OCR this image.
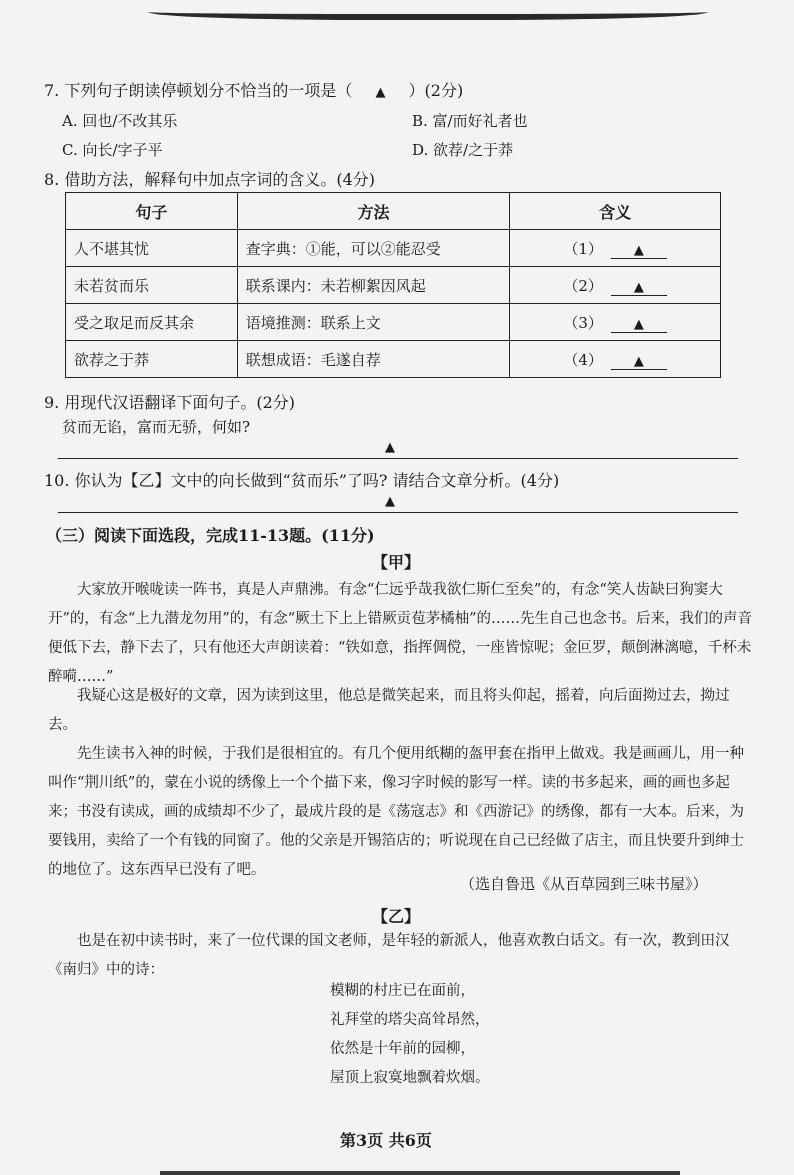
7. 下列句子朗读停顿划分不恰当的一项是（ ▲ ）(2分)
A. 回也/不改其乐	B. 富/而好礼者也
C. 向长/字子平	D. 欲荐/之于莽
8. 借助方法，解释句中加点字词的含义。(4分)
句子	方法	含义
人不堪其忧	查字典：①能，可以②能忍受	（1） ▲
未若贫而乐	联系课内：未若柳絮因风起	（2） ▲
受之取足而反其余	语境推测：联系上文	（3） ▲
欲荐之于莽	联想成语：毛遂自荐	（4） ▲
9. 用现代汉语翻译下面句子。(2分)
贫而无谄，富而无骄，何如?
▲
10. 你认为【乙】文中的向长做到“贫而乐”了吗? 请结合文章分析。(4分)
▲
（三）阅读下面选段，完成11-13题。(11分)
【甲】
大家放开喉咙读一阵书，真是人声鼎沸。有念“仁远乎哉我欲仁斯仁至矣”的，有念“笑人齿缺曰狗窦大开”的，有念“上九潜龙勿用”的，有念“厥土下上上错厥贡苞茅橘柚”的……先生自己也念书。后来，我们的声音便低下去，静下去了，只有他还大声朗读着：“铁如意，指挥倜傥，一座皆惊呢；金叵罗，颠倒淋漓噫，千杯未醉嗬……”
我疑心这是极好的文章，因为读到这里，他总是微笑起来，而且将头仰起，摇着，向后面拗过去，拗过去。
先生读书入神的时候，于我们是很相宜的。有几个便用纸糊的盔甲套在指甲上做戏。我是画画儿，用一种叫作“荆川纸”的，蒙在小说的绣像上一个个描下来，像习字时候的影写一样。读的书多起来，画的画也多起来；书没有读成，画的成绩却不少了，最成片段的是《荡寇志》和《西游记》的绣像，都有一大本。后来，为要钱用，卖给了一个有钱的同窗了。他的父亲是开锡箔店的；听说现在自己已经做了店主，而且快要升到绅士的地位了。这东西早已没有了吧。
（选自鲁迅《从百草园到三味书屋》）
【乙】
也是在初中读书时，来了一位代课的国文老师，是年轻的新派人，他喜欢教白话文。有一次，教到田汉《南归》中的诗：
模糊的村庄已在面前，
礼拜堂的塔尖高耸昂然，
依然是十年前的园柳，
屋顶上寂寞地飘着炊烟。
第3页 共6页
